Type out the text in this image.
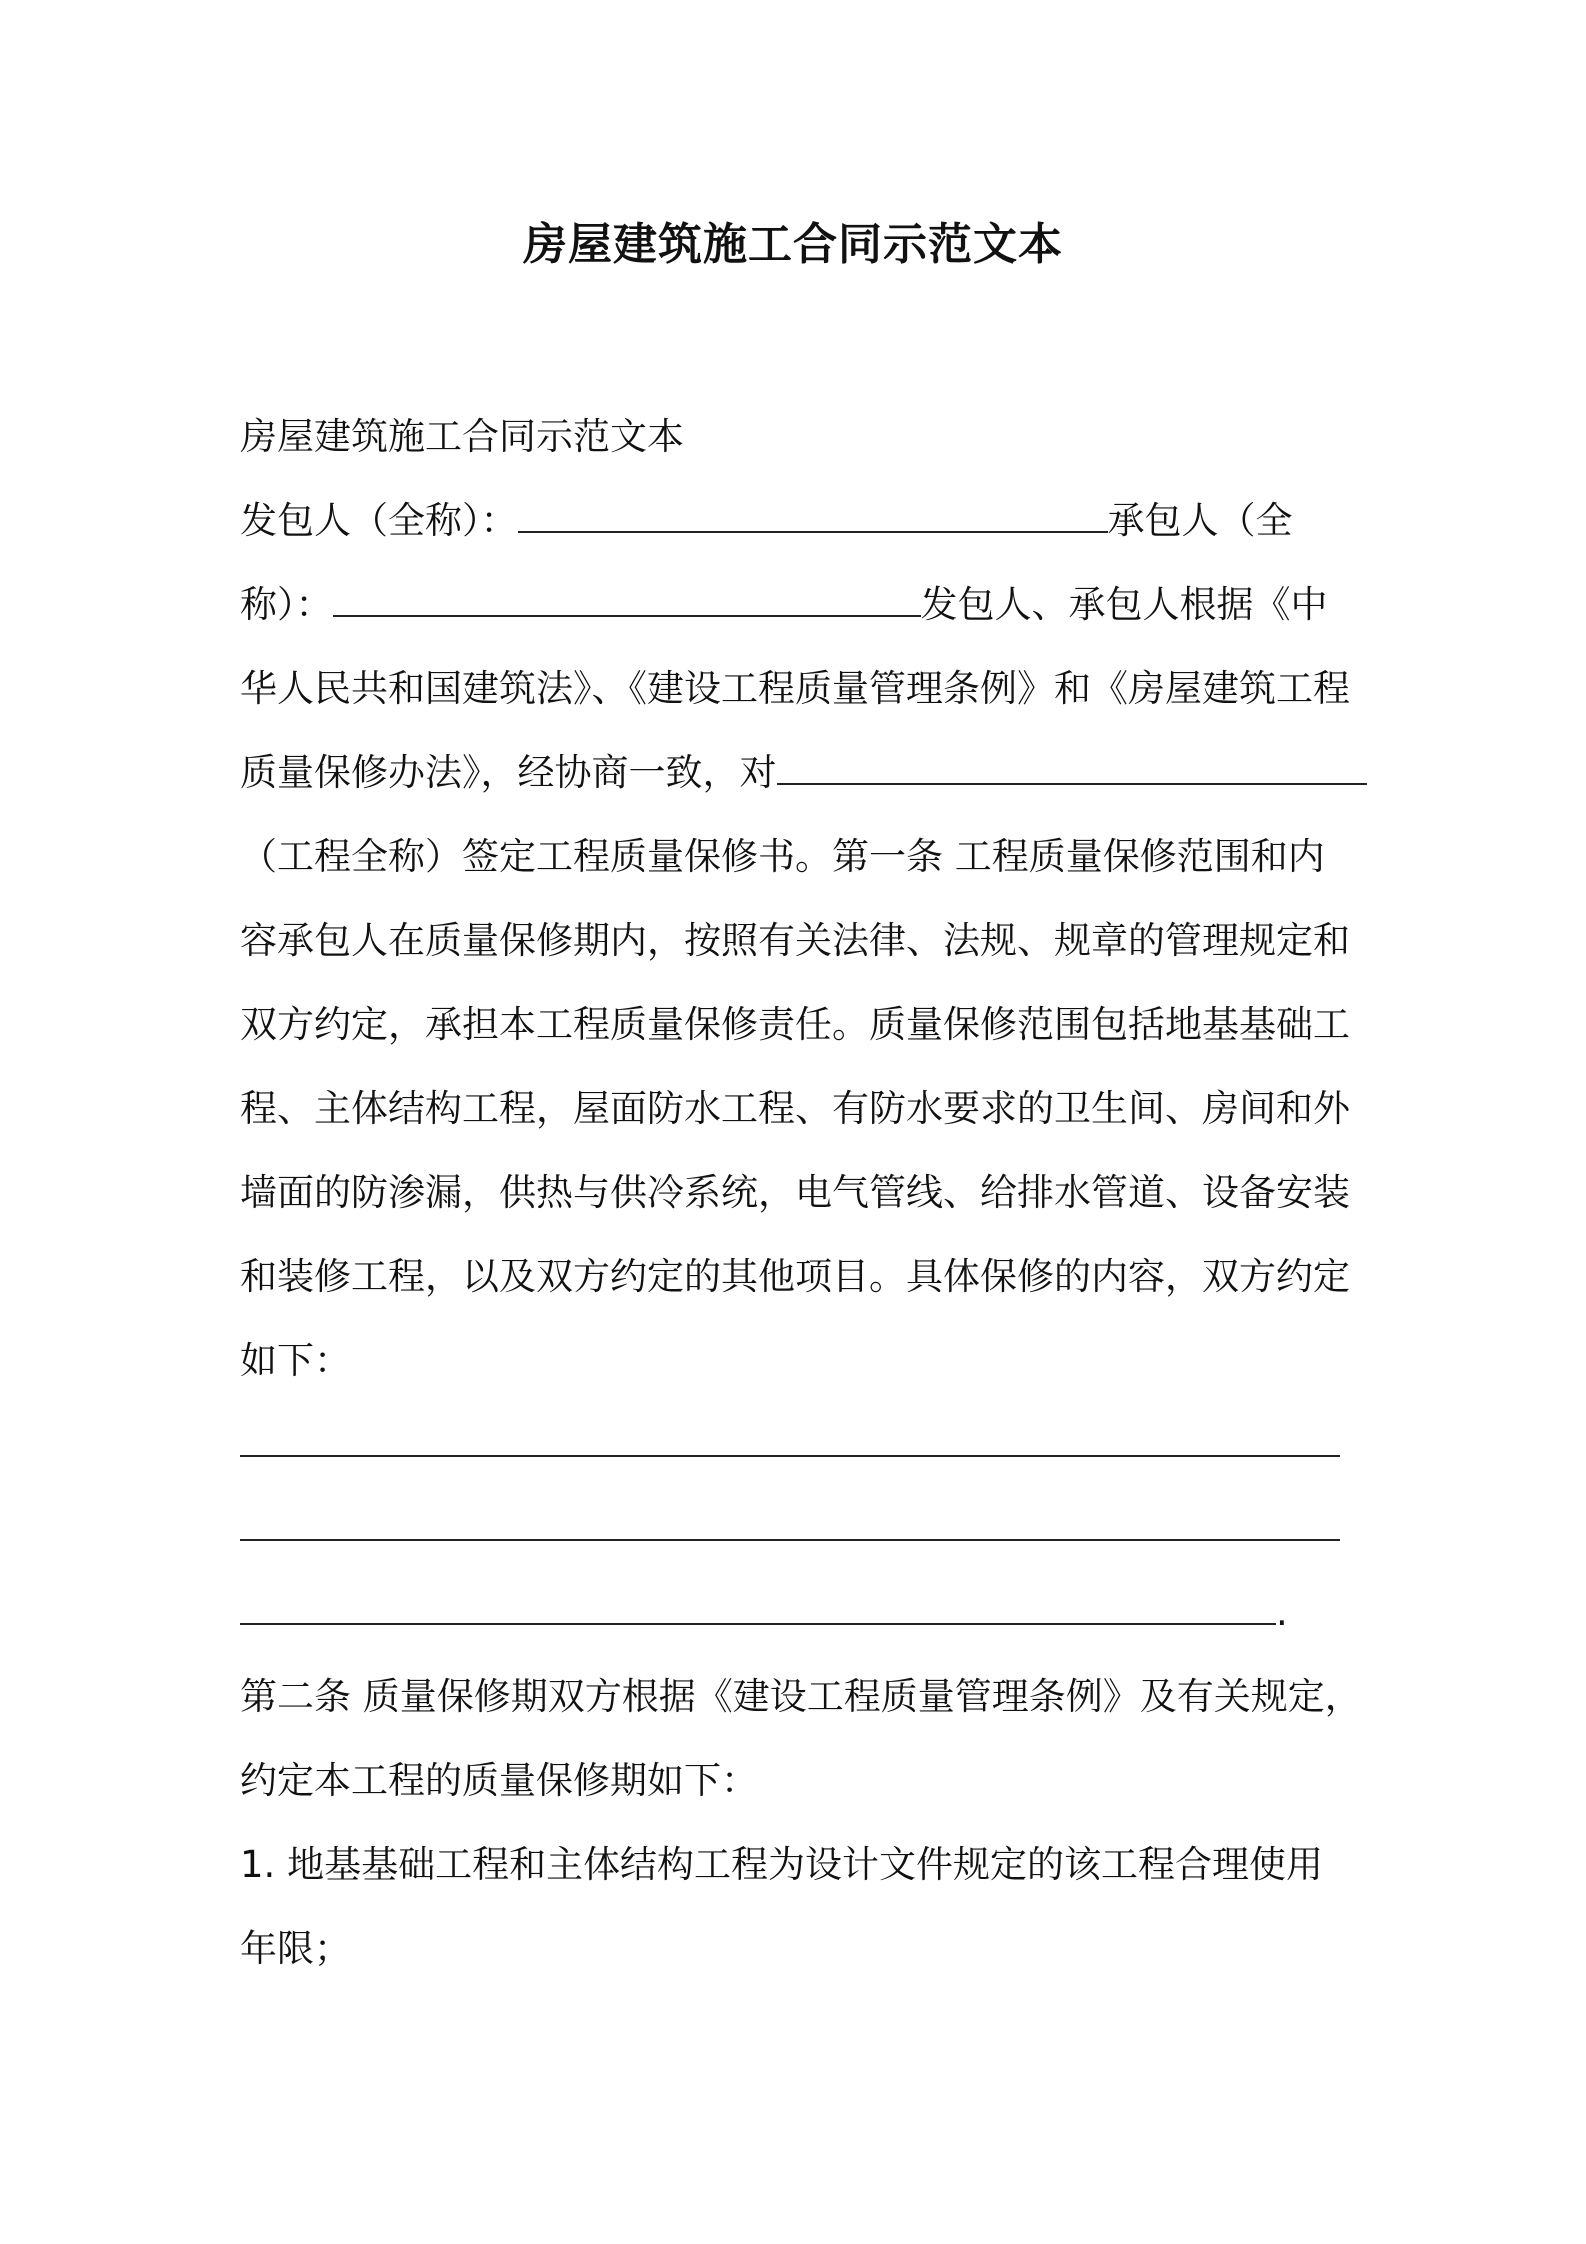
房屋建筑施工合同示范文本
房屋建筑施工合同示范文本
发包人（全称）：	承包人（全
称）：	发包人、承包人根据《中
华人民共和国建筑法》、《建设工程质量管理条例》和《房屋建筑工程
质量保修办法》，经协商一致，对
（工程全称）签定工程质量保修书。第一条 工程质量保修范围和内
容承包人在质量保修期内，按照有关法律、法规、规章的管理规定和
双方约定，承担本工程质量保修责任。质量保修范围包括地基基础工
程、主体结构工程，屋面防水工程、有防水要求的卫生间、房间和外
墙面的防渗漏，供热与供冷系统，电气管线、给排水管道、设备安装
和装修工程，以及双方约定的其他项目。具体保修的内容，双方约定
如下：
.
第二条 质量保修期双方根据《建设工程质量管理条例》及有关规定，
约定本工程的质量保修期如下：
1. 地基基础工程和主体结构工程为设计文件规定的该工程合理使用
年限；
